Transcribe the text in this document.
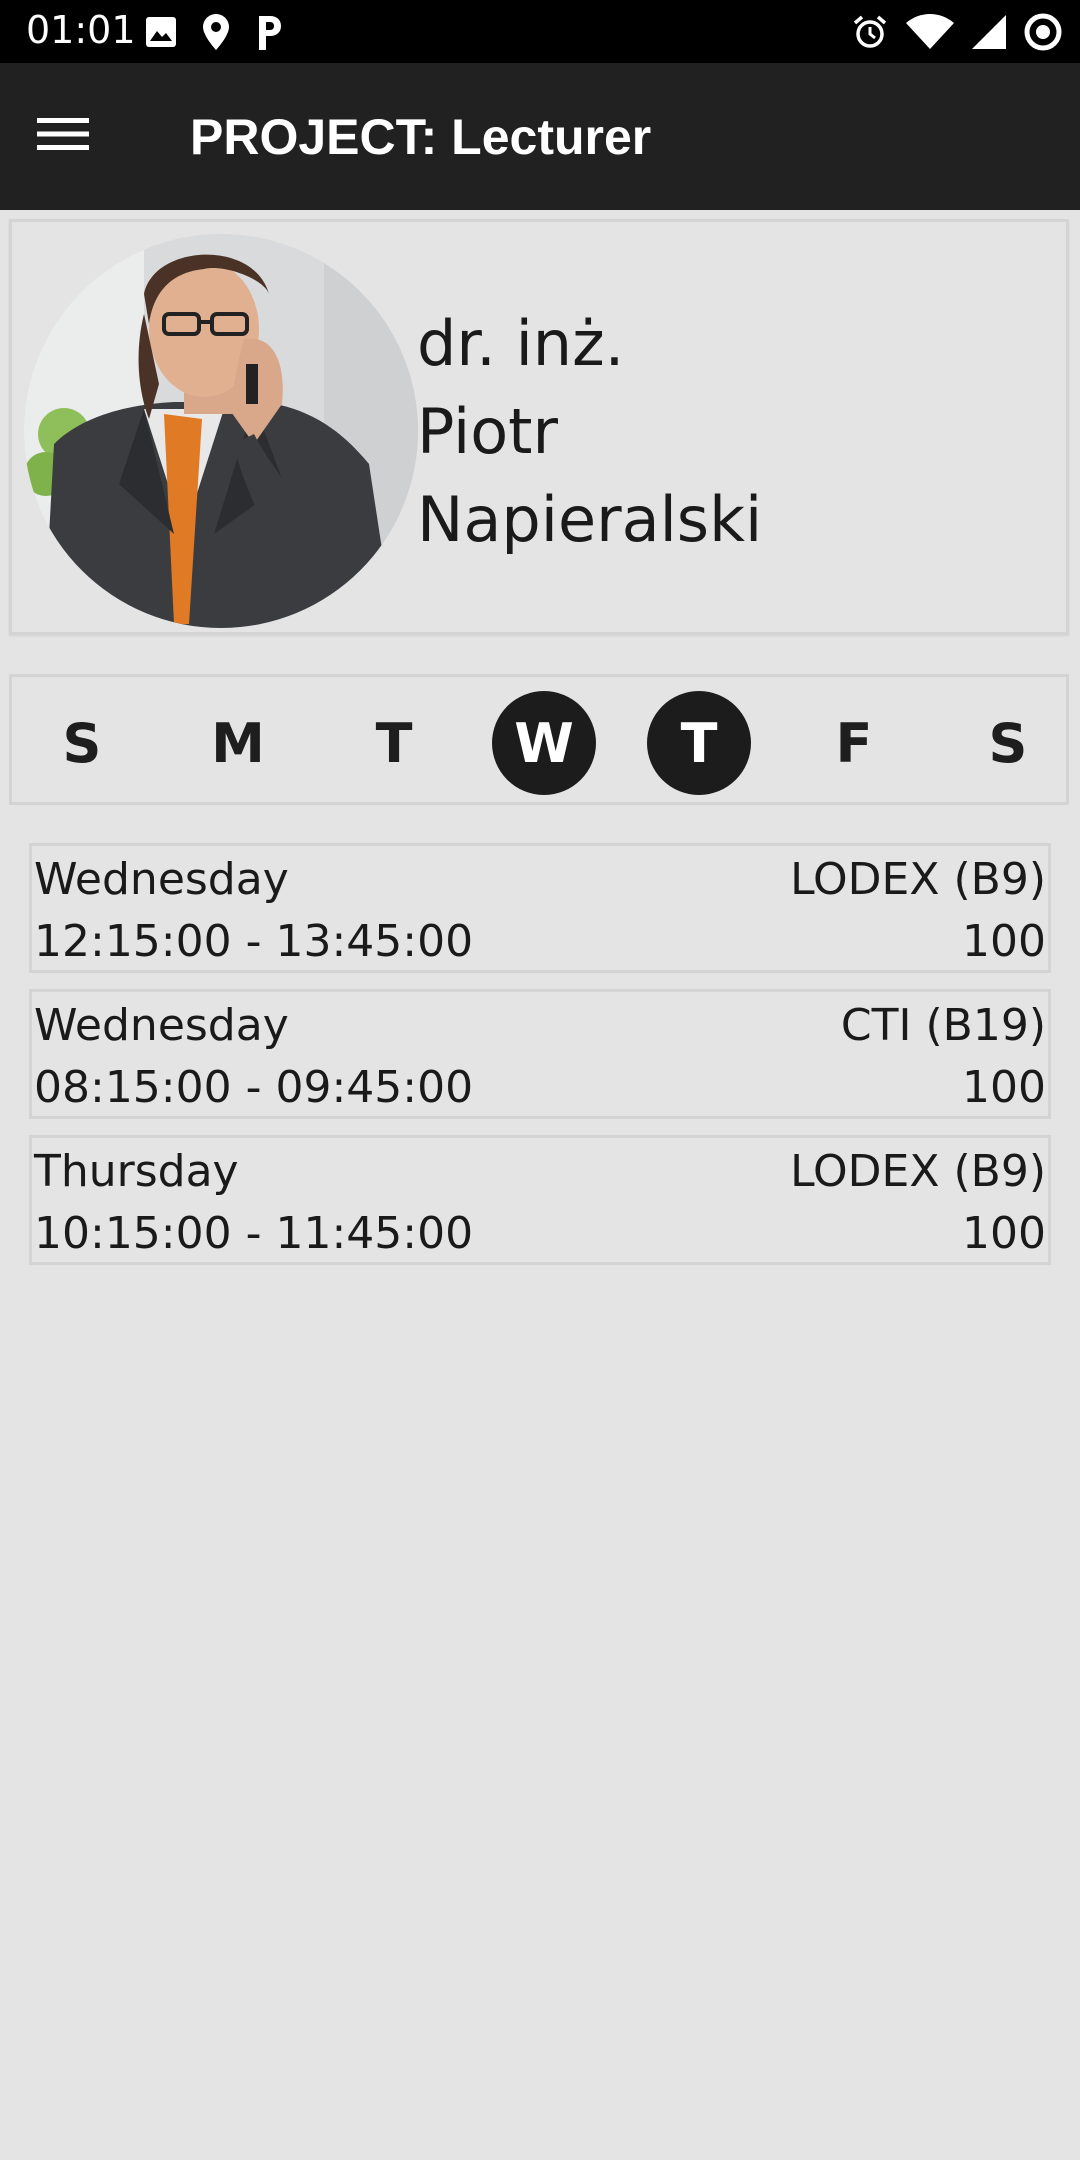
01:01
PROJECT: Lecturer
dr. inż.
Piotr
Napieralski
S	M	T	W	T	F	S
Wednesday
12:15:00 - 13:45:00
LODEX (B9)
100
Wednesday
08:15:00 - 09:45:00
CTI (B19)
100
Thursday
10:15:00 - 11:45:00
LODEX (B9)
100
